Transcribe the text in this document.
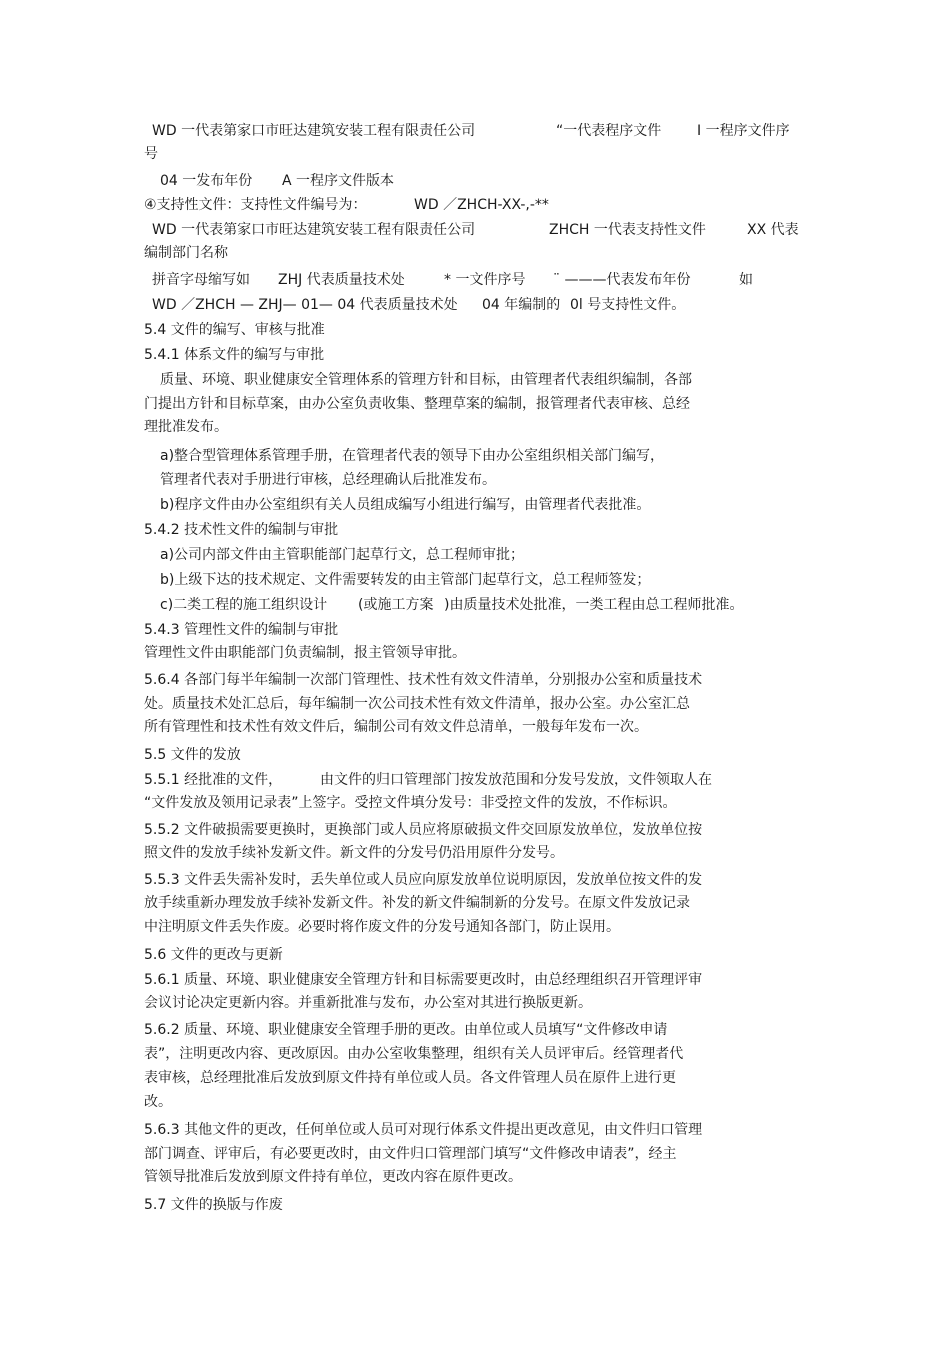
WD 一代表第家口市旺达建筑安装工程有限责任公司

	“一代表程序文件

	I 一程序文件序

号

04 一发布年份

A 一程序文件版本

④支持性文件：支持性文件编号为：

	WD ／ZHCH-XX-,-**

WD 一代表第家口市旺达建筑安装工程有限责任公司

	ZHCH 一代表支持性文件

	XX 代表

编制部门名称

拼音字母缩写如

ZHJ 代表质量技术处

	* 一文件序号

¨ ———代表发布年份

	如

WD ／ZHCH — ZHJ— 01— 04 代表质量技术处

04 年编制的

0l 号支持性文件。

5.4 文件的编写、审核与批准

5.4.1 体系文件的编写与审批

质量、环境、职业健康安全管理体系的管理方针和目标，由管理者代表组织编制，各部

门提出方针和目标草案，由办公室负责收集、整理草案的编制，报管理者代表审核、总经

理批准发布。

a)整合型管理体系管理手册，在管理者代表的领导下由办公室组织相关部门编写，

管理者代表对手册进行审核，总经理确认后批准发布。

b)程序文件由办公室组织有关人员组成编写小组进行编写，由管理者代表批准。

5.4.2 技术性文件的编制与审批

a)公司内部文件由主管职能部门起草行文，总工程师审批；

b)上级下达的技术规定、文件需要转发的由主管部门起草行文，总工程师签发；

c)二类工程的施工组织设计

(或施工方案

)由质量技术处批准，一类工程由总工程师批准。

5.4.3 管理性文件的编制与审批

管理性文件由职能部门负责编制，报主管领导审批。

5.6.4 各部门每半年编制一次部门管理性、技术性有效文件清单，分别报办公室和质量技术

处。质量技术处汇总后，每年编制一次公司技术性有效文件清单，报办公室。办公室汇总

所有管理性和技术性有效文件后，编制公司有效文件总清单，一般每年发布一次。

5.5 文件的发放

5.5.1 经批准的文件，

	由文件的归口管理部门按发放范围和分发号发放，文件领取人在

“文件发放及领用记录表”上签字。受控文件填分发号：非受控文件的发放，不作标识。

5.5.2 文件破损需要更换时，更换部门或人员应将原破损文件交回原发放单位，发放单位按

照文件的发放手续补发新文件。新文件的分发号仍沿用原件分发号。

5.5.3 文件丢失需补发时，丢失单位或人员应向原发放单位说明原因，发放单位按文件的发

放手续重新办理发放手续补发新文件。补发的新文件编制新的分发号。在原文件发放记录

中注明原文件丢失作废。必要时将作废文件的分发号通知各部门，防止误用。

5.6 文件的更改与更新

5.6.1 质量、环境、职业健康安全管理方针和目标需要更改时，由总经理组织召开管理评审

会议讨论决定更新内容。并重新批准与发布，办公室对其进行换版更新。

5.6.2 质量、环境、职业健康安全管理手册的更改。由单位或人员填写“文件修改申请

表”，注明更改内容、更改原因。由办公室收集整理，组织有关人员评审后。经管理者代

表审核，总经理批准后发放到原文件持有单位或人员。各文件管理人员在原件上进行更

改。

5.6.3 其他文件的更改，任何单位或人员可对现行体系文件提出更改意见，由文件归口管理

部门调查、评审后，有必要更改时，由文件归口管理部门填写“文件修改申请表”，经主

管领导批准后发放到原文件持有单位，更改内容在原件更改。

5.7 文件的换版与作废
